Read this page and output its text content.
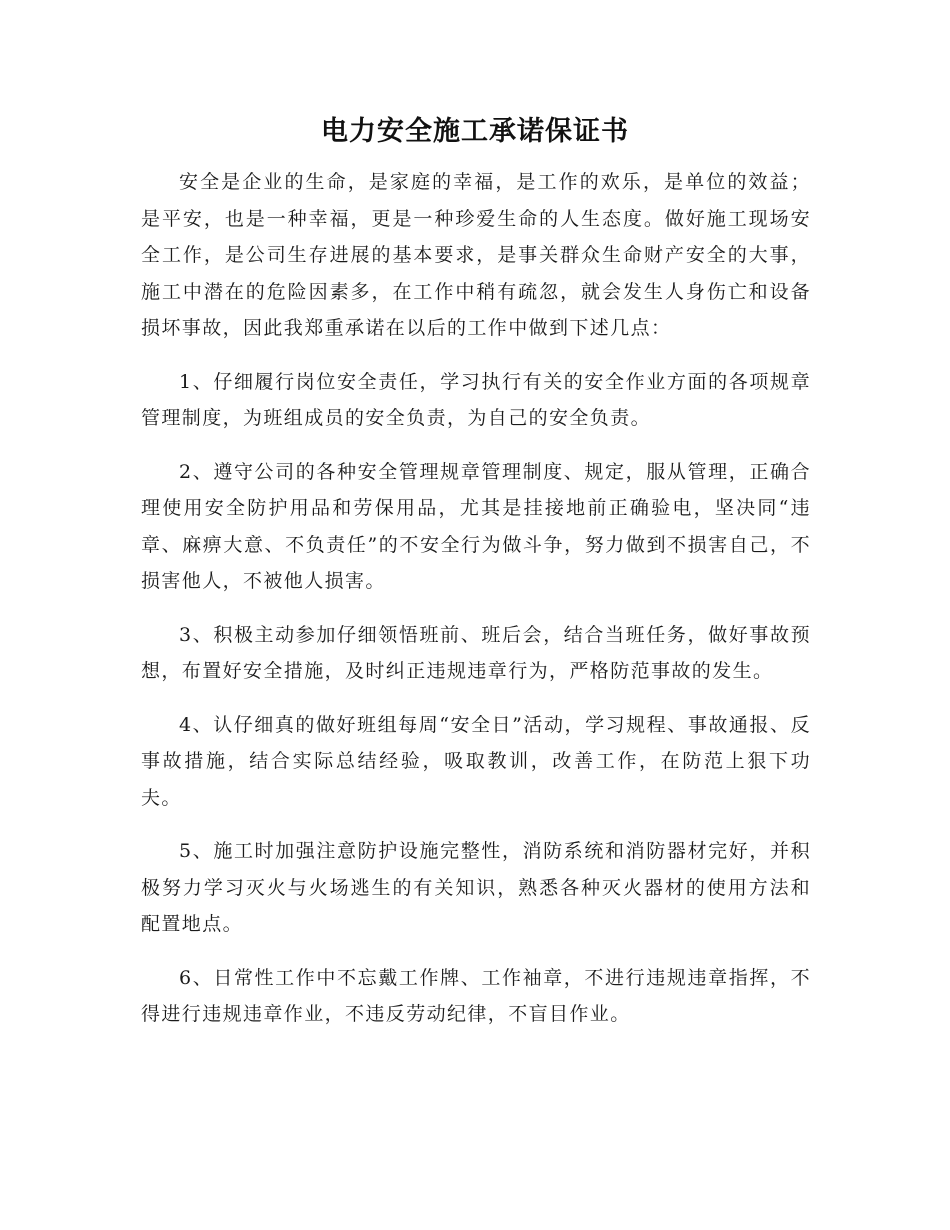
电力安全施工承诺保证书

安全是企业的生命，是家庭的幸福，是工作的欢乐，是单位的效益；是平安，也是一种幸福，更是一种珍爱生命的人生态度。做好施工现场安全工作，是公司生存进展的基本要求，是事关群众生命财产安全的大事，施工中潜在的危险因素多，在工作中稍有疏忽，就会发生人身伤亡和设备损坏事故，因此我郑重承诺在以后的工作中做到下述几点：

1、仔细履行岗位安全责任，学习执行有关的安全作业方面的各项规章管理制度，为班组成员的安全负责，为自己的安全负责。

2、遵守公司的各种安全管理规章管理制度、规定，服从管理，正确合理使用安全防护用品和劳保用品，尤其是挂接地前正确验电，坚决同“违章、麻痹大意、不负责任”的不安全行为做斗争，努力做到不损害自己，不损害他人，不被他人损害。

3、积极主动参加仔细领悟班前、班后会，结合当班任务，做好事故预想，布置好安全措施，及时纠正违规违章行为，严格防范事故的发生。

4、认仔细真的做好班组每周“安全日”活动，学习规程、事故通报、反事故措施，结合实际总结经验，吸取教训，改善工作，在防范上狠下功夫。

5、施工时加强注意防护设施完整性，消防系统和消防器材完好，并积极努力学习灭火与火场逃生的有关知识，熟悉各种灭火器材的使用方法和配置地点。

6、日常性工作中不忘戴工作牌、工作袖章，不进行违规违章指挥，不得进行违规违章作业，不违反劳动纪律，不盲目作业。
